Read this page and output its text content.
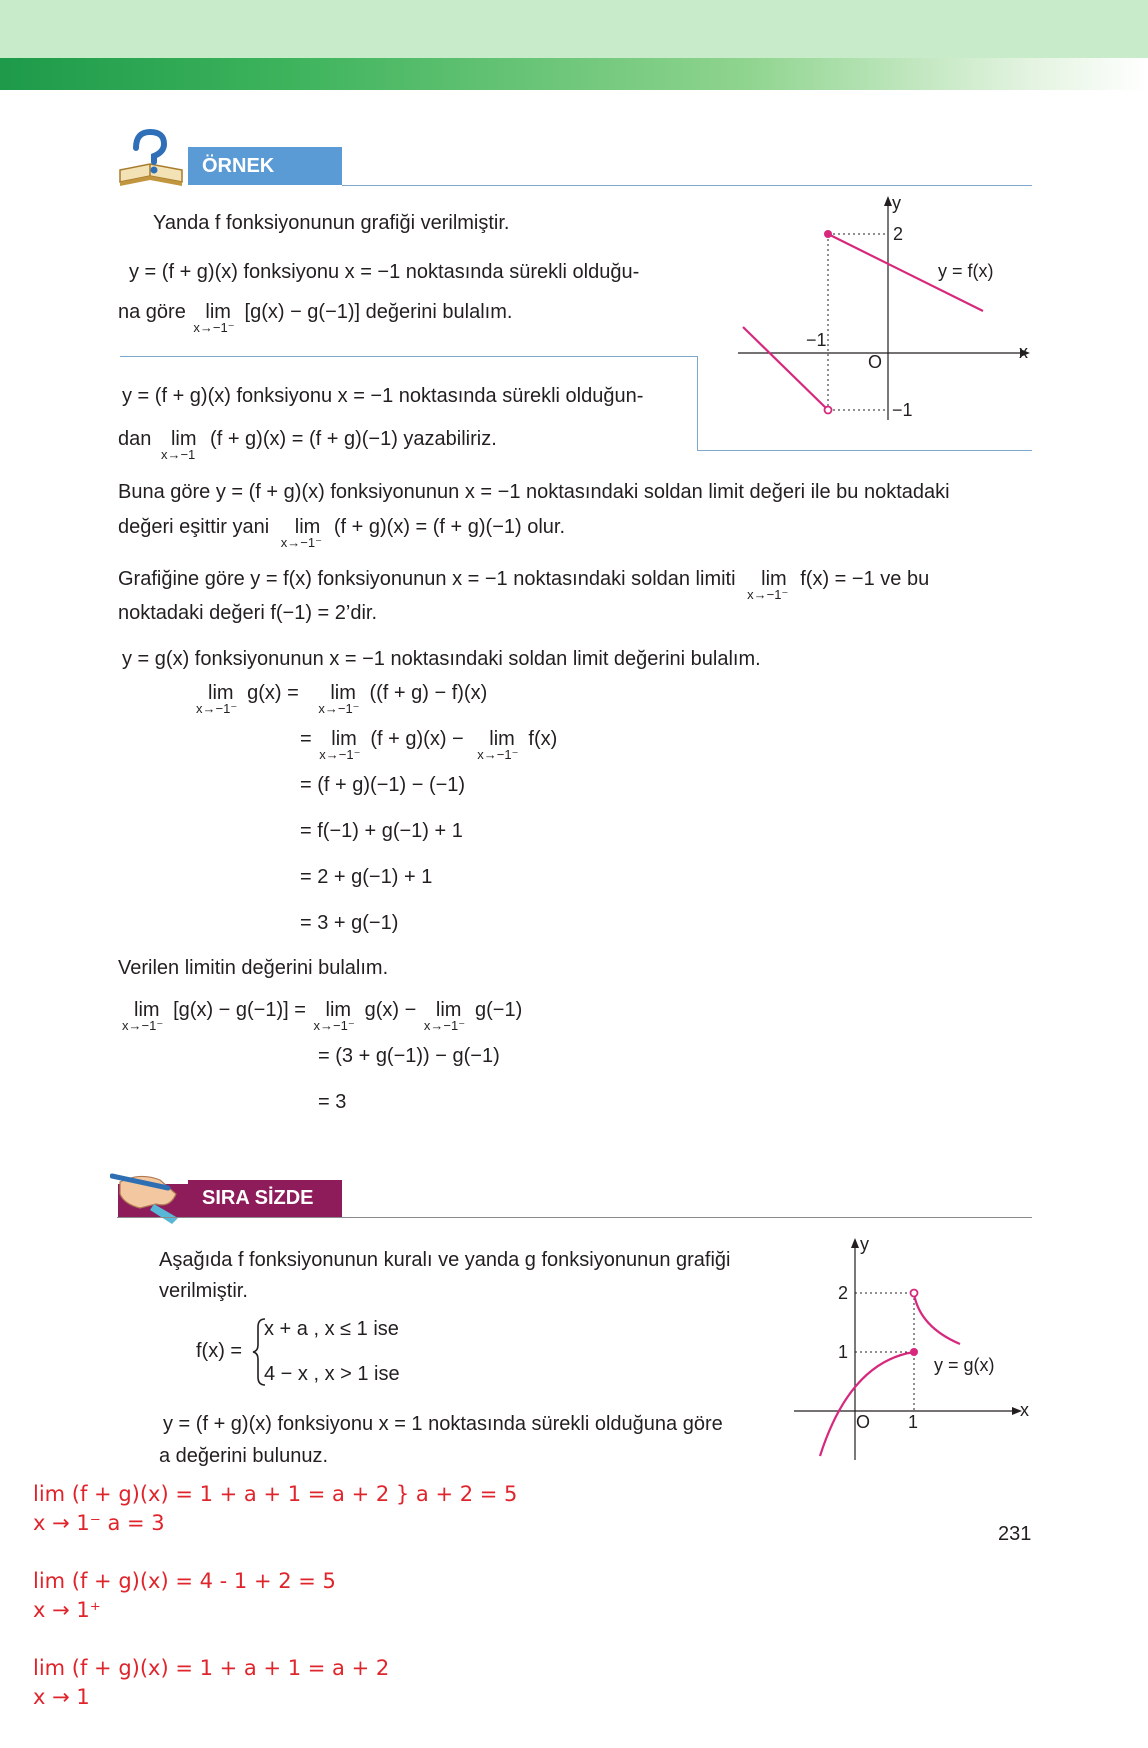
ÖRNEK
Yanda f fonksiyonunun grafiği verilmiştir.
y = (f + g)(x) fonksiyonu x = −1 noktasında sürekli olduğu-
na göre lim
x→−1⁻
[g(x) − g(−1)] değerini bulalım.
y = (f + g)(x) fonksiyonu x = −1 noktasında sürekli olduğun-
dan lim
x→−1
(f + g)(x) = (f + g)(−1) yazabiliriz.
Buna göre y = (f + g)(x) fonksiyonunun x = −1 noktasındaki soldan limit değeri ile bu noktadaki
değeri eşittir yani lim
x→−1⁻
(f + g)(x) = (f + g)(−1) olur.
Grafiğine göre y = f(x) fonksiyonunun x = −1 noktasındaki soldan limiti lim
x→−1⁻
f(x) = −1 ve bu
noktadaki değeri f(−1) = 2’dir.
y = g(x) fonksiyonunun x = −1 noktasındaki soldan limit değerini bulalım.
lim
x→−1⁻
g(x) = lim
x→−1⁻
((f + g) − f)(x)
= lim
x→−1⁻
(f + g)(x) − lim
x→−1⁻
f(x)
= (f + g)(−1) − (−1)
= f(−1) + g(−1) + 1
= 2 + g(−1) + 1
= 3 + g(−1)
Verilen limitin değerini bulalım.
lim
x→−1⁻
[g(x) − g(−1)] = lim
x→−1⁻
g(x) − lim
x→−1⁻
g(−1)
= (3 + g(−1)) − g(−1)
= 3
y
x
O
2
−1
−1
y = f(x)
SIRA SİZDE
Aşağıda f fonksiyonunun kuralı ve yanda g fonksiyonunun grafiği
verilmiştir.
f(x) =
x + a , x ≤ 1 ise
4 − x , x > 1 ise
y = (f + g)(x) fonksiyonu x = 1 noktasında sürekli olduğuna göre
a değerini bulunuz.
y
x
O
2
1
1
y = g(x)
231
lim (f + g)(x) = 1 + a + 1 = a + 2 } a + 2 = 5
x → 1⁻ a = 3
lim (f + g)(x) = 4 - 1 + 2 = 5
x → 1⁺
lim (f + g)(x) = 1 + a + 1 = a + 2
x → 1
